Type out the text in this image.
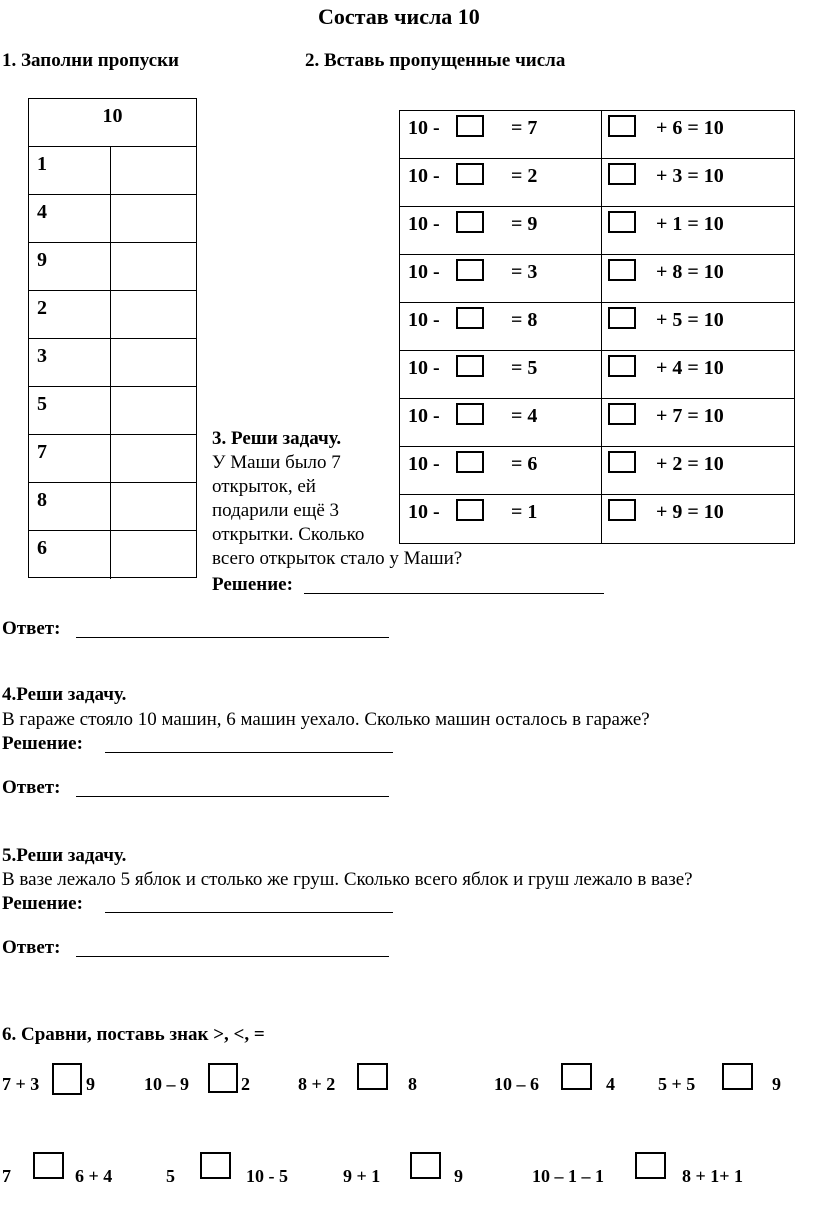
Состав числа 10
1. Заполни пропуски	2. Вставь пропущенные числа
10
1
4
9
2
3
5
7
8
6
10 -	= 7	+ 6 = 10
10 -	= 2	+ 3 = 10
10 -	= 9	+ 1 = 10
10 -	= 3	+ 8 = 10
10 -	= 8	+ 5 = 10
10 -	= 5	+ 4 = 10
10 -	= 4	+ 7 = 10
10 -	= 6	+ 2 = 10
10 -	= 1	+ 9 = 10
3. Реши задачу.
У Маши было 7
открыток, ей
подарили ещё 3
открытки. Сколько
всего открыток стало у Маши?
Решение:
Ответ:
4.Реши задачу.
В гараже стояло 10 машин, 6 машин уехало. Сколько машин осталось в гараже?
Решение:
Ответ:
5.Реши задачу.
В вазе лежало 5 яблок и столько же груш. Сколько всего яблок и груш лежало в вазе?
Решение:
Ответ:
6. Сравни, поставь знак >, <, =
7 + 3	9	10 – 9	2	8 + 2	8	10 – 6	4 5 + 5	9
7	6 + 4	5	10 - 5	9 + 1	9	10 – 1 – 1	8 + 1+ 1
